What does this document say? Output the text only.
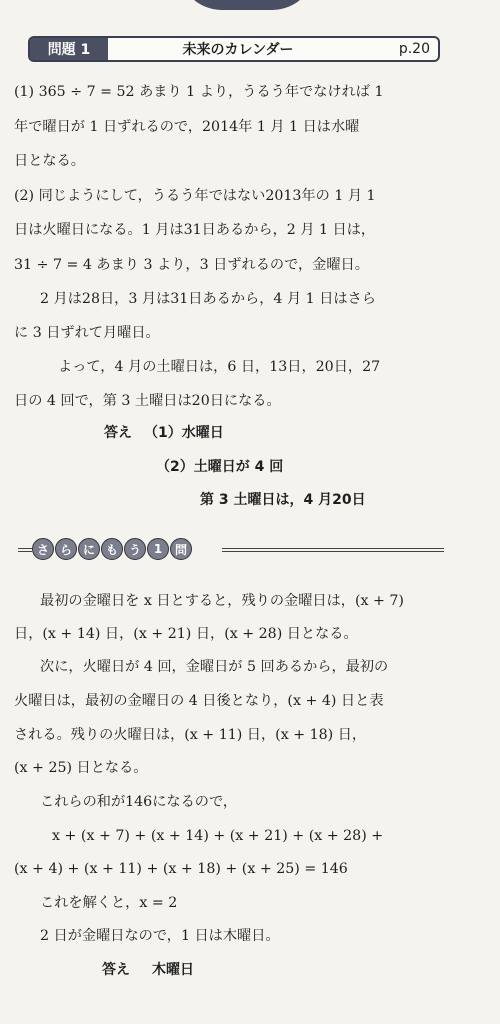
問題 1	未来のカレンダー	p.20
(1) 365 ÷ 7 = 52 あまり 1 より，うるう年でなければ 1
年で曜日が 1 日ずれるので，2014年 1 月 1 日は水曜
日となる。
(2) 同じようにして，うるう年ではない2013年の 1 月 1
日は火曜日になる。1 月は31日あるから，2 月 1 日は，
31 ÷ 7 = 4 あまり 3 より，3 日ずれるので，金曜日。
2 月は28日，3 月は31日あるから，4 月 1 日はさら
に 3 日ずれて月曜日。
よって，4 月の土曜日は，6 日，13日，20日，27
日の 4 回で，第 3 土曜日は20日になる。
答え （1）水曜日
（2）土曜日が 4 回
第 3 土曜日は，4 月20日
さ ら に も う	1	問
最初の金曜日を x 日とすると，残りの金曜日は，(x + 7)
日，(x + 14) 日，(x + 21) 日，(x + 28) 日となる。
次に，火曜日が 4 回，金曜日が 5 回あるから，最初の
火曜日は，最初の金曜日の 4 日後となり，(x + 4) 日と表
される。残りの火曜日は，(x + 11) 日，(x + 18) 日，
(x + 25) 日となる。
これらの和が146になるので，
x + (x + 7) + (x + 14) + (x + 21) + (x + 28) +
(x + 4) + (x + 11) + (x + 18) + (x + 25) = 146
これを解くと，x = 2
2 日が金曜日なので，1 日は木曜日。
答え 木曜日
